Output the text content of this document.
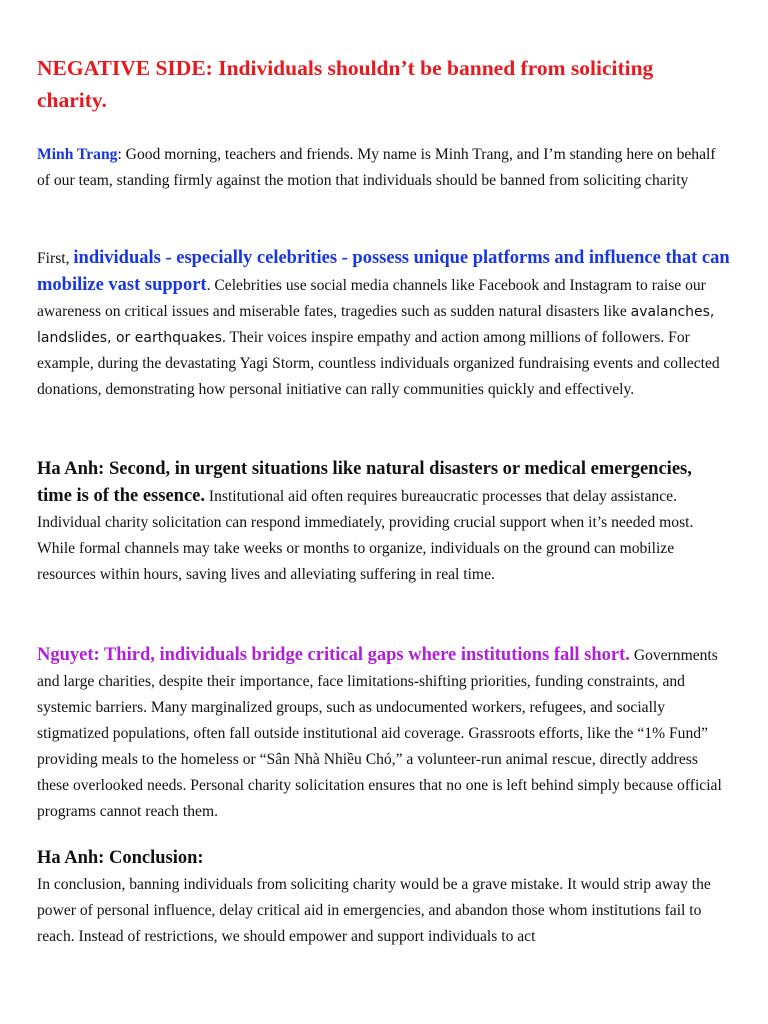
NEGATIVE SIDE: Individuals shouldn’t be banned from soliciting charity.

Minh Trang: Good morning, teachers and friends. My name is Minh Trang, and I’m standing here on behalf of our team, standing firmly against the motion that individuals should be banned from soliciting charity

First, individuals - especially celebrities - possess unique platforms and influence that can mobilize vast support. Celebrities use social media channels like Facebook and Instagram to raise our awareness on critical issues and miserable fates, tragedies such as sudden natural disasters like avalanches, landslides, or earthquakes. Their voices inspire empathy and action among millions of followers. For example, during the devastating Yagi Storm, countless individuals organized fundraising events and collected donations, demonstrating how personal initiative can rally communities quickly and effectively.

Ha Anh: Second, in urgent situations like natural disasters or medical emergencies, time is of the essence. Institutional aid often requires bureaucratic processes that delay assistance. Individual charity solicitation can respond immediately, providing crucial support when it’s needed most. While formal channels may take weeks or months to organize, individuals on the ground can mobilize resources within hours, saving lives and alleviating suffering in real time.

Nguyet: Third, individuals bridge critical gaps where institutions fall short. Governments and large charities, despite their importance, face limitations-shifting priorities, funding constraints, and systemic barriers. Many marginalized groups, such as undocumented workers, refugees, and socially stigmatized populations, often fall outside institutional aid coverage. Grassroots efforts, like the “1% Fund” providing meals to the homeless or “Sân Nhà Nhiều Chó,” a volunteer-run animal rescue, directly address these overlooked needs. Personal charity solicitation ensures that no one is left behind simply because official programs cannot reach them.

Ha Anh: Conclusion:
In conclusion, banning individuals from soliciting charity would be a grave mistake. It would strip away the power of personal influence, delay critical aid in emergencies, and abandon those whom institutions fail to reach. Instead of restrictions, we should empower and support individuals to act
